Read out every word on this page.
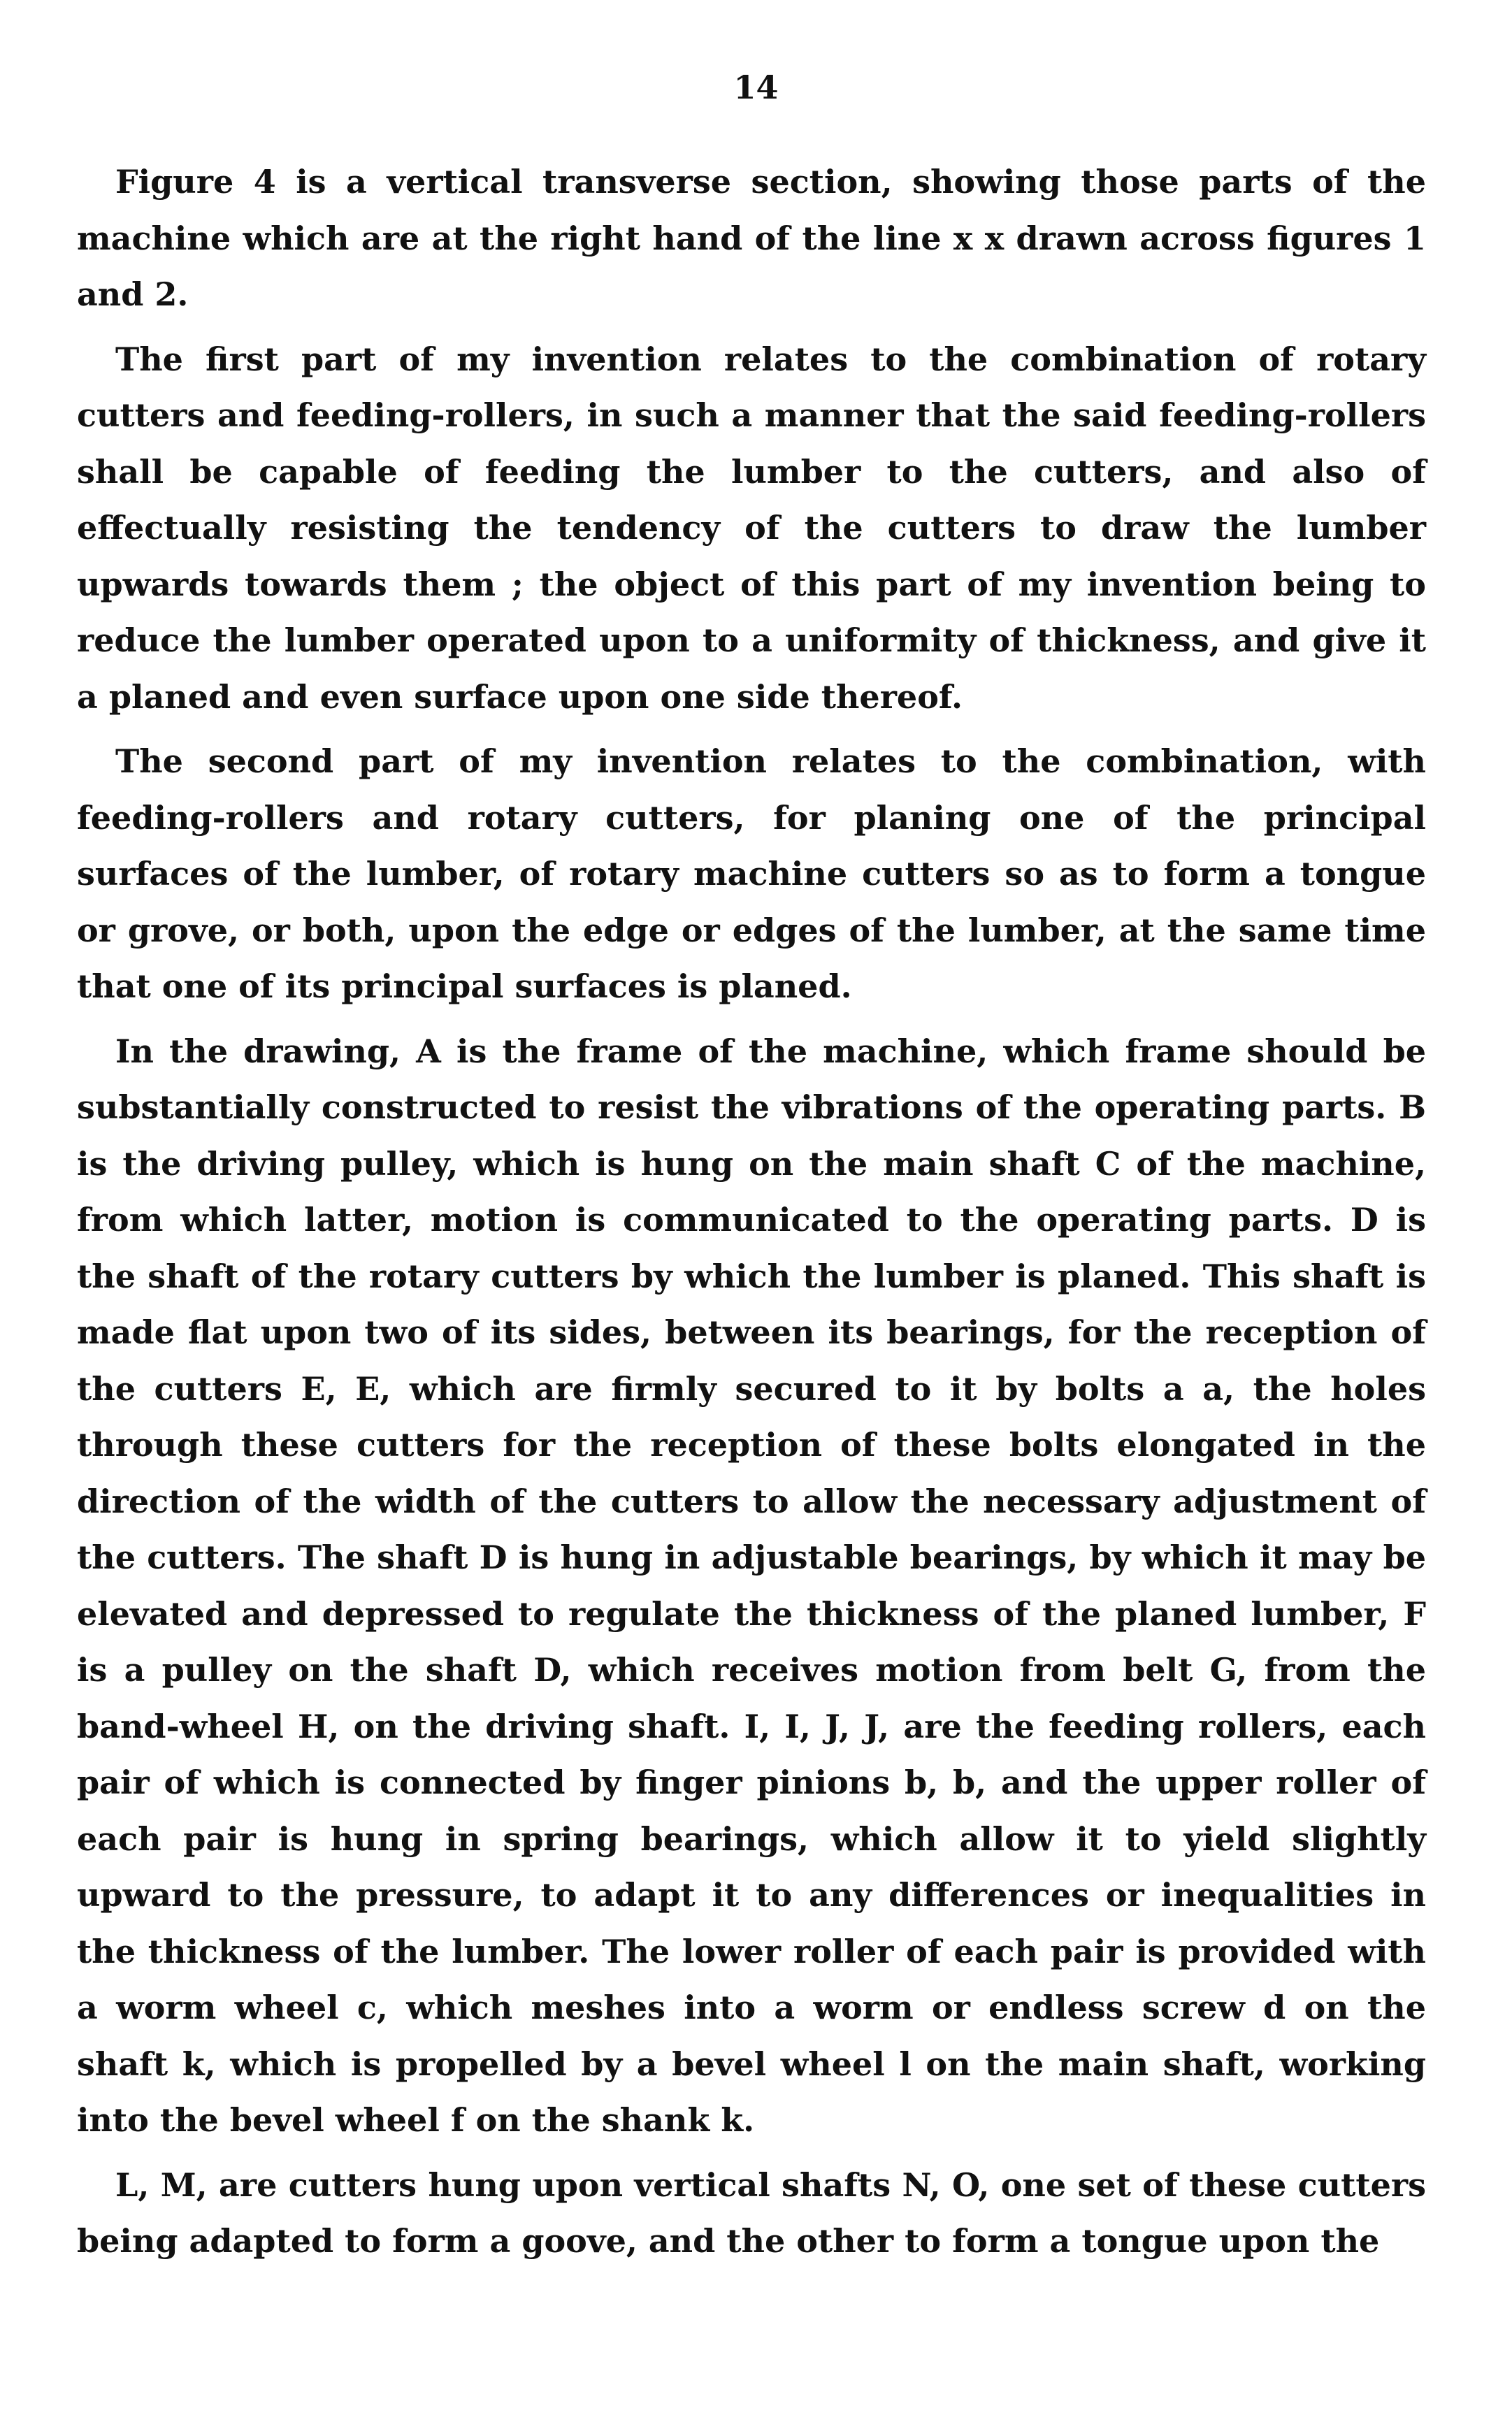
14

Figure 4 is a vertical transverse section, showing those parts of the machine which are at the right hand of the line x x drawn across figures 1 and 2.

The first part of my invention relates to the combination of rotary cutters and feeding-rollers, in such a manner that the said feeding-rollers shall be capable of feeding the lumber to the cutters, and also of effectually resisting the tendency of the cutters to draw the lumber upwards towards them ; the object of this part of my invention being to reduce the lumber operated upon to a uniformity of thickness, and give it a planed and even surface upon one side thereof.

The second part of my invention relates to the combination, with feeding-rollers and rotary cutters, for planing one of the principal surfaces of the lumber, of rotary machine cutters so as to form a tongue or grove, or both, upon the edge or edges of the lumber, at the same time that one of its principal surfaces is planed.

In the drawing, A is the frame of the machine, which frame should be substantially constructed to resist the vibrations of the operating parts. B is the driving pulley, which is hung on the main shaft C of the machine, from which latter, motion is communicated to the operating parts. D is the shaft of the rotary cutters by which the lumber is planed. This shaft is made flat upon two of its sides, between its bearings, for the reception of the cutters E, E, which are firmly secured to it by bolts a a, the holes through these cutters for the reception of these bolts elongated in the direction of the width of the cutters to allow the necessary adjustment of the cutters. The shaft D is hung in adjustable bearings, by which it may be elevated and depressed to regulate the thickness of the planed lumber, F is a pulley on the shaft D, which receives motion from belt G, from the band-wheel H, on the driving shaft. I, I, J, J, are the feeding rollers, each pair of which is connected by finger pinions b, b, and the upper roller of each pair is hung in spring bearings, which allow it to yield slightly upward to the pressure, to adapt it to any differences or inequalities in the thickness of the lumber. The lower roller of each pair is provided with a worm wheel c, which meshes into a worm or endless screw d on the shaft k, which is propelled by a bevel wheel l on the main shaft, working into the bevel wheel f on the shank k.

L, M, are cutters hung upon vertical shafts N, O, one set of these cutters being adapted to form a goove, and the other to form a tongue upon the
